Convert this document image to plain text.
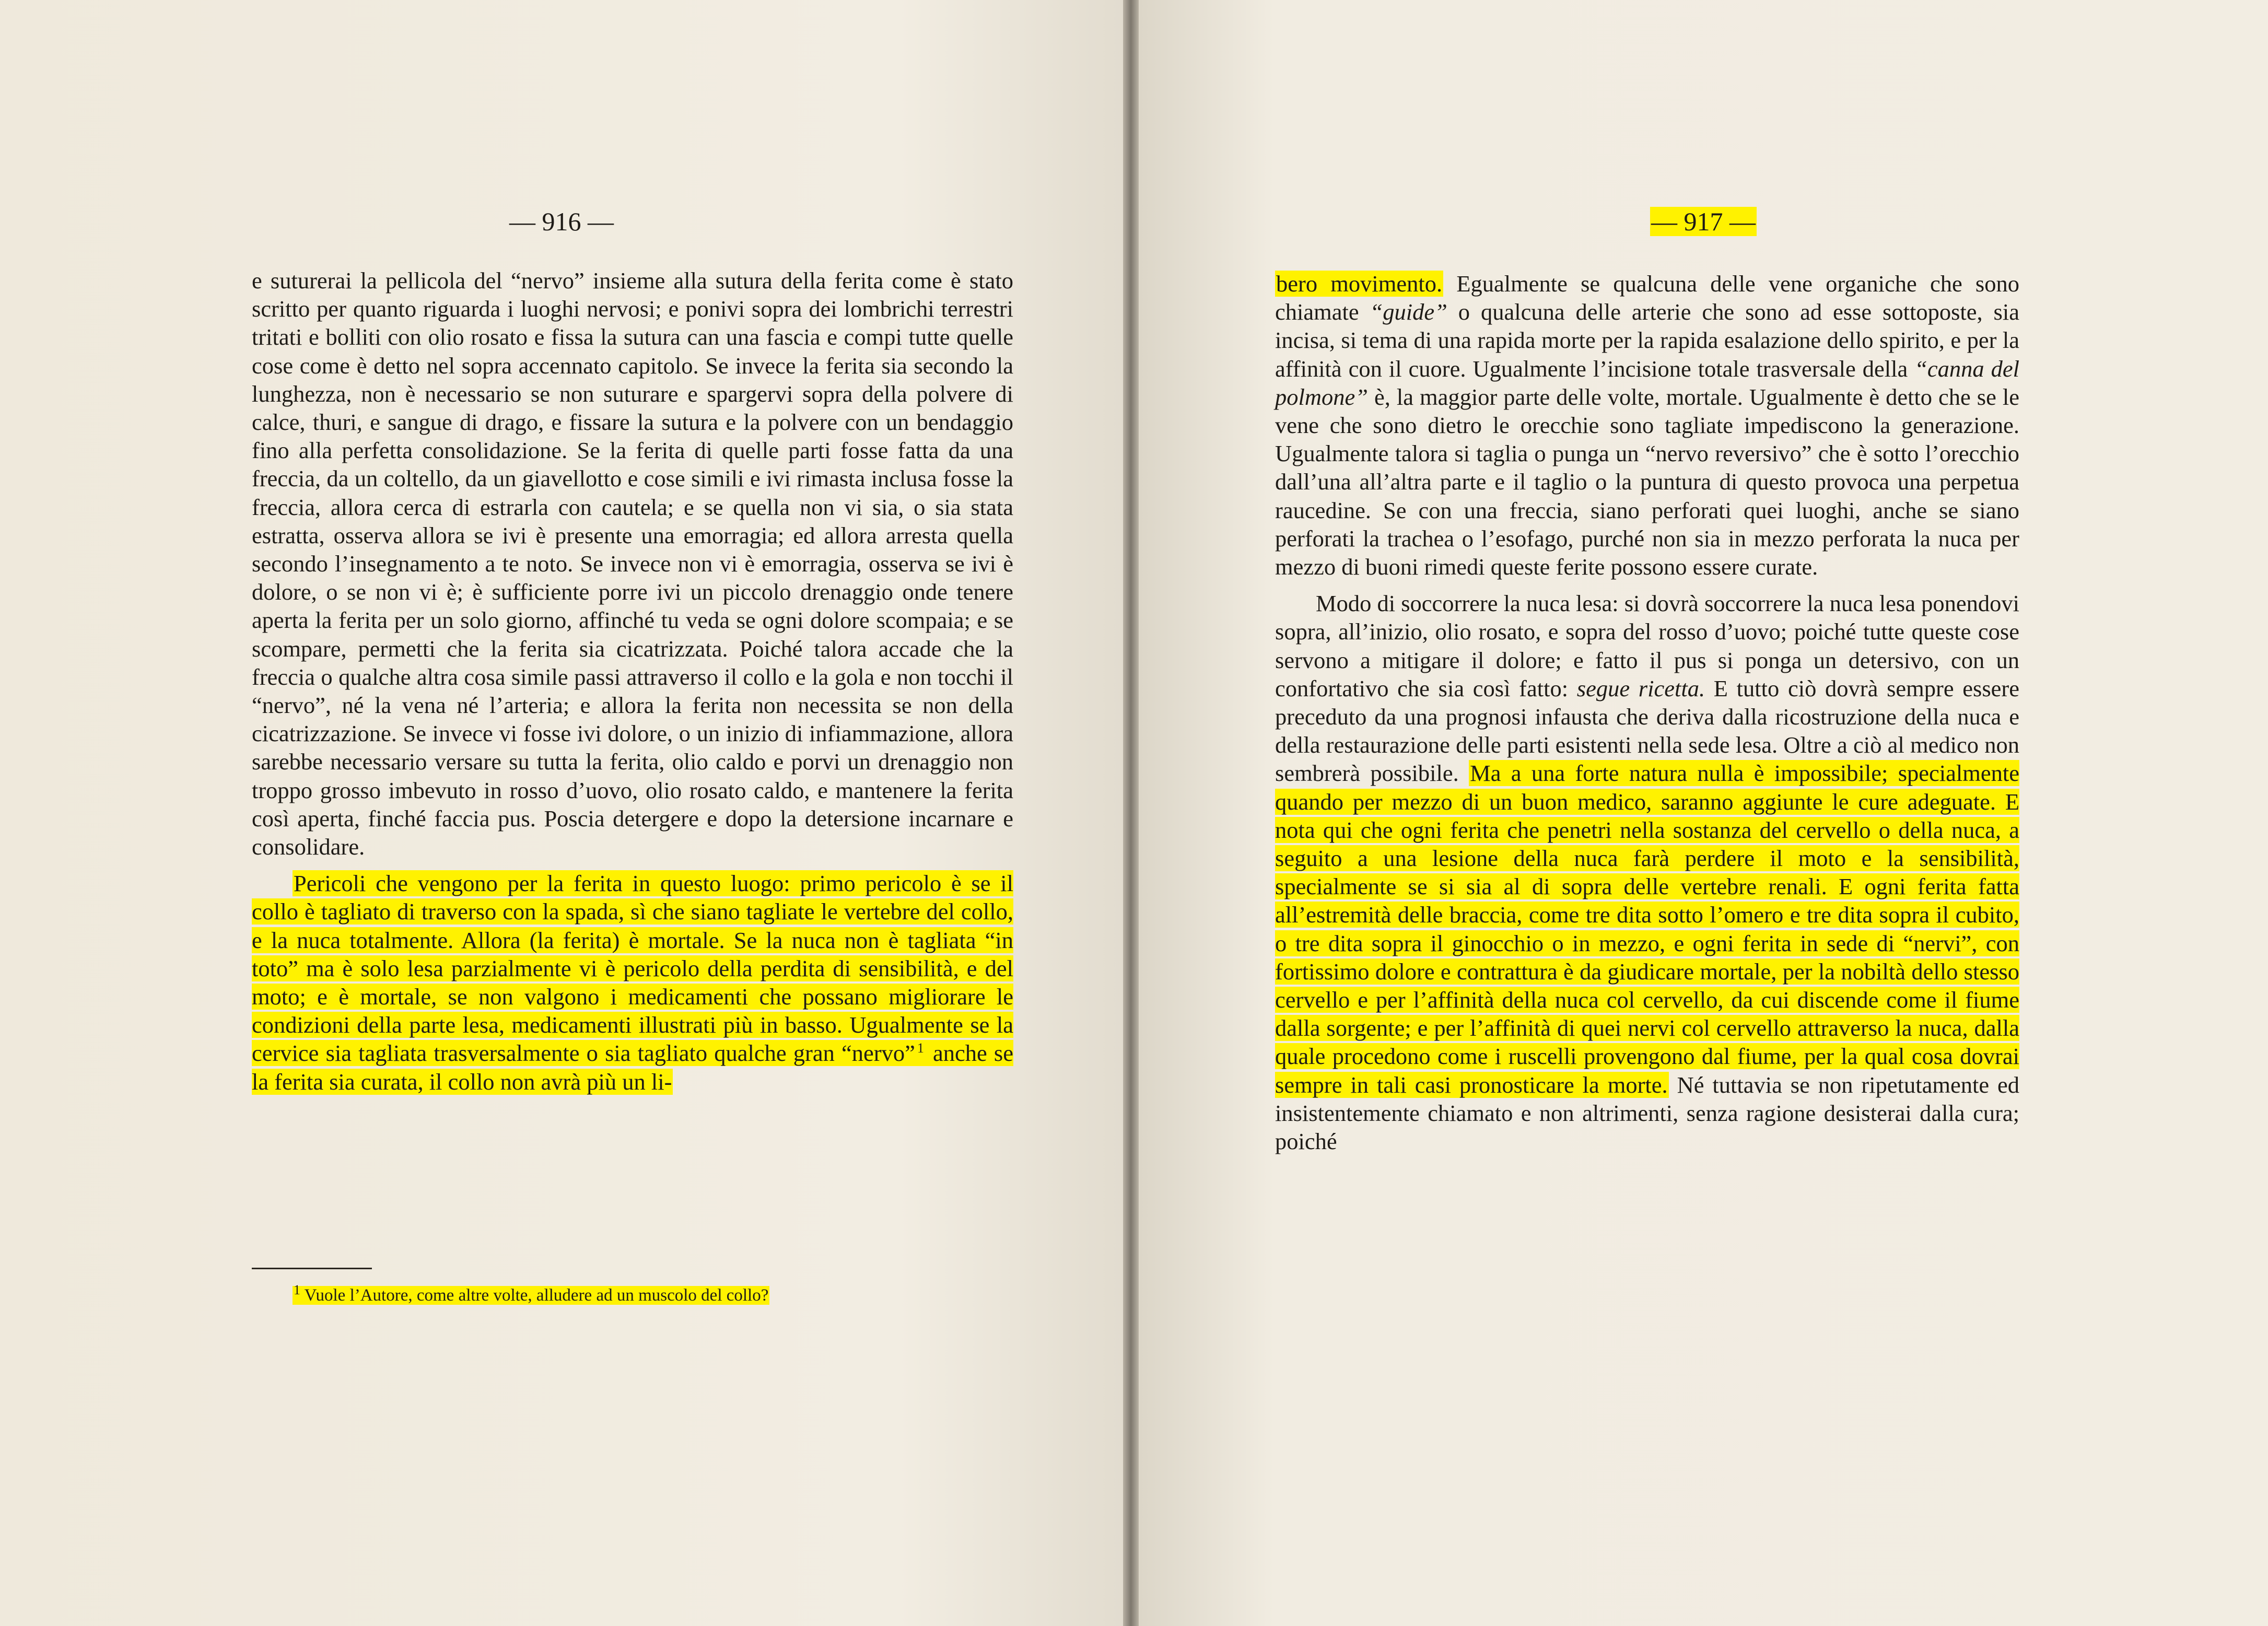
— 916 —

e suturerai la pellicola del “nervo” insieme alla sutura della ferita come è stato scritto per quanto riguarda i luoghi nervosi; e ponivi sopra dei lombrichi terrestri tritati e bolliti con olio rosato e fissa la sutura can una fascia e compi tutte quelle cose come è detto nel sopra accennato capitolo. Se invece la ferita sia secondo la lunghezza, non è necessario se non suturare e spargervi sopra della polvere di calce, thuri, e sangue di drago, e fissare la sutura e la polvere con un bendaggio fino alla perfetta consolidazione. Se la ferita di quelle parti fosse fatta da una freccia, da un coltello, da un giavellotto e cose simili e ivi rimasta inclusa fosse la freccia, allora cerca di estrarla con cautela; e se quella non vi sia, o sia stata estratta, osserva allora se ivi è presente una emorragia; ed allora arresta quella secondo l’insegnamento a te noto. Se invece non vi è emorragia, osserva se ivi è dolore, o se non vi è; è sufficiente porre ivi un piccolo drenaggio onde tenere aperta la ferita per un solo giorno, affinché tu veda se ogni dolore scompaia; e se scompare, permetti che la ferita sia cicatrizzata. Poiché talora accade che la freccia o qualche altra cosa simile passi attraverso il collo e la gola e non tocchi il “nervo”, né la vena né l’arteria; e allora la ferita non necessita se non della cicatrizzazione. Se invece vi fosse ivi dolore, o un inizio di infiammazione, allora sarebbe necessario versare su tutta la ferita, olio caldo e porvi un drenaggio non troppo grosso imbevuto in rosso d’uovo, olio rosato caldo, e mantenere la ferita così aperta, finché faccia pus. Poscia detergere e dopo la detersione incarnare e consolidare.

Pericoli che vengono per la ferita in questo luogo: primo pericolo è se il collo è tagliato di traverso con la spada, sì che siano tagliate le vertebre del collo, e la nuca totalmente. Allora (la ferita) è mortale. Se la nuca non è tagliata “in toto” ma è solo lesa parzialmente vi è pericolo della perdita di sensibilità, e del moto; e è mortale, se non valgono i medicamenti che possano migliorare le condizioni della parte lesa, medicamenti illustrati più in basso. Ugualmente se la cervice sia tagliata trasversalmente o sia tagliato qualche gran “nervo” $^1$ anche se la ferita sia curata, il collo non avrà più un li-

$^1$ Vuole l’Autore, come altre volte, alludere ad un muscolo del collo?
— 917 —

bero movimento. Egualmente se qualcuna delle vene organiche che sono chiamate “guide” o qualcuna delle arterie che sono ad esse sottoposte, sia incisa, si tema di una rapida morte per la rapida esalazione dello spirito, e per la affinità con il cuore. Ugualmente l’incisione totale trasversale della “canna del polmone” è, la maggior parte delle volte, mortale. Ugualmente è detto che se le vene che sono dietro le orecchie sono tagliate impediscono la generazione. Ugualmente talora si taglia o punga un “nervo reversivo” che è sotto l’orecchio dall’una all’altra parte e il taglio o la puntura di questo provoca una perpetua raucedine. Se con una freccia, siano perforati quei luoghi, anche se siano perforati la trachea o l’esofago, purché non sia in mezzo perforata la nuca per mezzo di buoni rimedi queste ferite possono essere curate.

Modo di soccorrere la nuca lesa: si dovrà soccorrere la nuca lesa ponendovi sopra, all’inizio, olio rosato, e sopra del rosso d’uovo; poiché tutte queste cose servono a mitigare il dolore; e fatto il pus si ponga un detersivo, con un confortativo che sia così fatto: segue ricetta. E tutto ciò dovrà sempre essere preceduto da una prognosi infausta che deriva dalla ricostruzione della nuca e della restaurazione delle parti esistenti nella sede lesa. Oltre a ciò al medico non sembrerà possibile. Ma a una forte natura nulla è impossibile; specialmente quando per mezzo di un buon medico, saranno aggiunte le cure adeguate. E nota qui che ogni ferita che penetri nella sostanza del cervello o della nuca, a seguito a una lesione della nuca farà perdere il moto e la sensibilità, specialmente se si sia al di sopra delle vertebre renali. E ogni ferita fatta all’estremità delle braccia, come tre dita sotto l’omero e tre dita sopra il cubito, o tre dita sopra il ginocchio o in mezzo, e ogni ferita in sede di “nervi”, con fortissimo dolore e contrattura è da giudicare mortale, per la nobiltà dello stesso cervello e per l’affinità della nuca col cervello, da cui discende come il fiume dalla sorgente; e per l’affinità di quei nervi col cervello attraverso la nuca, dalla quale procedono come i ruscelli provengono dal fiume, per la qual cosa dovrai sempre in tali casi pronosticare la morte. Né tuttavia se non ripetutamente ed insistentemente chiamato e non altrimenti, senza ragione desisterai dalla cura; poiché
